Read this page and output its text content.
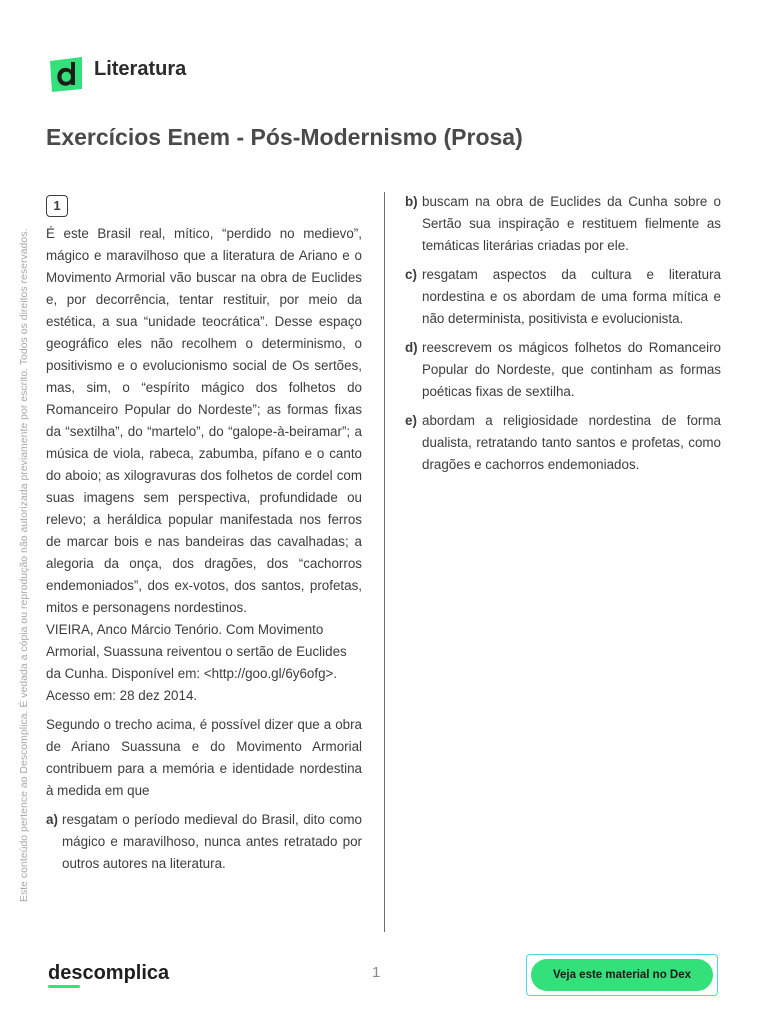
Este conteúdo pertence ao Descomplica. É vedada a cópia ou reprodução não autorizada previamente por escrito. Todos os direitos reservados.
Literatura
Exercícios Enem - Pós-Modernismo (Prosa)
1

É este Brasil real, mítico, “perdido no medievo”, mágico e maravilhoso que a literatura de Ariano e o Movimento Armorial vão buscar na obra de Euclides e, por decorrência, tentar restituir, por meio da estética, a sua “unidade teocrática”. Desse espaço geográfico eles não recolhem o determinismo, o positivismo e o evolucionismo social de Os sertões, mas, sim, o “espírito mágico dos folhetos do Romanceiro Popular do Nordeste”; as formas fixas da “sextilha”, do “martelo”, do “galope-à-beiramar”; a música de viola, rabeca, zabumba, pífano e o canto do aboio; as xilogravuras dos folhetos de cordel com suas imagens sem perspectiva, profundidade ou relevo; a heráldica popular manifestada nos ferros de marcar bois e nas bandeiras das cavalhadas; a alegoria da onça, dos dragões, dos “cachorros endemoniados”, dos ex-votos, dos santos, profetas, mitos e personagens nordestinos.

VIEIRA, Anco Márcio Tenório. Com Movimento Armorial, Suassuna reiventou o sertão de Euclides da Cunha. Disponível em: <http://goo.gl/6y6ofg>. Acesso em: 28 dez 2014.

Segundo o trecho acima, é possível dizer que a obra de Ariano Suassuna e do Movimento Armorial contribuem para a memória e identidade nordestina à medida em que

a) resgatam o período medieval do Brasil, dito como mágico e maravilhoso, nunca antes retratado por outros autores na literatura.

b) buscam na obra de Euclides da Cunha sobre o Sertão sua inspiração e restituem fielmente as temáticas literárias criadas por ele.

c) resgatam aspectos da cultura e literatura nordestina e os abordam de uma forma mítica e não determinista, positivista e evolucionista.

d) reescrevem os mágicos folhetos do Romanceiro Popular do Nordeste, que continham as formas poéticas fixas de sextilha.

e) abordam a religiosidade nordestina de forma dualista, retratando tanto santos e profetas, como dragões e cachorros endemoniados.

descomplica	1	Veja este material no Dex
